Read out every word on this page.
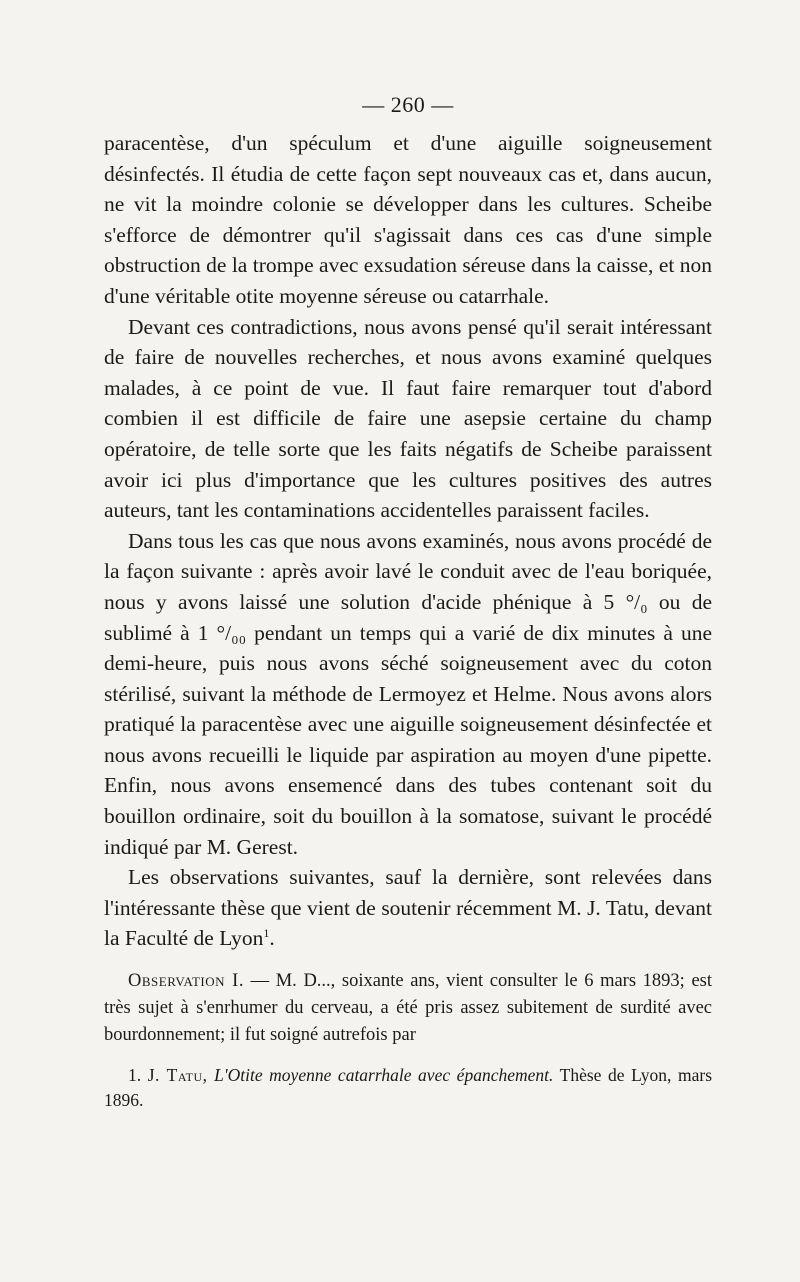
— 260 —

paracentèse, d'un spéculum et d'une aiguille soigneusement désinfectés. Il étudia de cette façon sept nouveaux cas et, dans aucun, ne vit la moindre colonie se développer dans les cultures. Scheibe s'efforce de démontrer qu'il s'agissait dans ces cas d'une simple obstruction de la trompe avec exsudation séreuse dans la caisse, et non d'une véritable otite moyenne séreuse ou catarrhale.

Devant ces contradictions, nous avons pensé qu'il serait intéressant de faire de nouvelles recherches, et nous avons examiné quelques malades, à ce point de vue. Il faut faire remarquer tout d'abord combien il est difficile de faire une asepsie certaine du champ opératoire, de telle sorte que les faits négatifs de Scheibe paraissent avoir ici plus d'importance que les cultures positives des autres auteurs, tant les contaminations accidentelles paraissent faciles.

Dans tous les cas que nous avons examinés, nous avons procédé de la façon suivante : après avoir lavé le conduit avec de l'eau boriquée, nous y avons laissé une solution d'acide phénique à 5 °/₀ ou de sublimé à 1 °/₀₀ pendant un temps qui a varié de dix minutes à une demi-heure, puis nous avons séché soigneusement avec du coton stérilisé, suivant la méthode de Lermoyez et Helme. Nous avons alors pratiqué la paracentèse avec une aiguille soigneusement désinfectée et nous avons recueilli le liquide par aspiration au moyen d'une pipette. Enfin, nous avons ensemencé dans des tubes contenant soit du bouillon ordinaire, soit du bouillon à la somatose, suivant le procédé indiqué par M. Gerest.

Les observations suivantes, sauf la dernière, sont relevées dans l'intéressante thèse que vient de soutenir récemment M. J. Tatu, devant la Faculté de Lyon$^1$.

Observation I. — M. D..., soixante ans, vient consulter le 6 mars 1893; est très sujet à s'enrhumer du cerveau, a été pris assez subitement de surdité avec bourdonnement; il fut soigné autrefois par

1. J. Tatu, L'Otite moyenne catarrhale avec épanchement. Thèse de Lyon, mars 1896.
